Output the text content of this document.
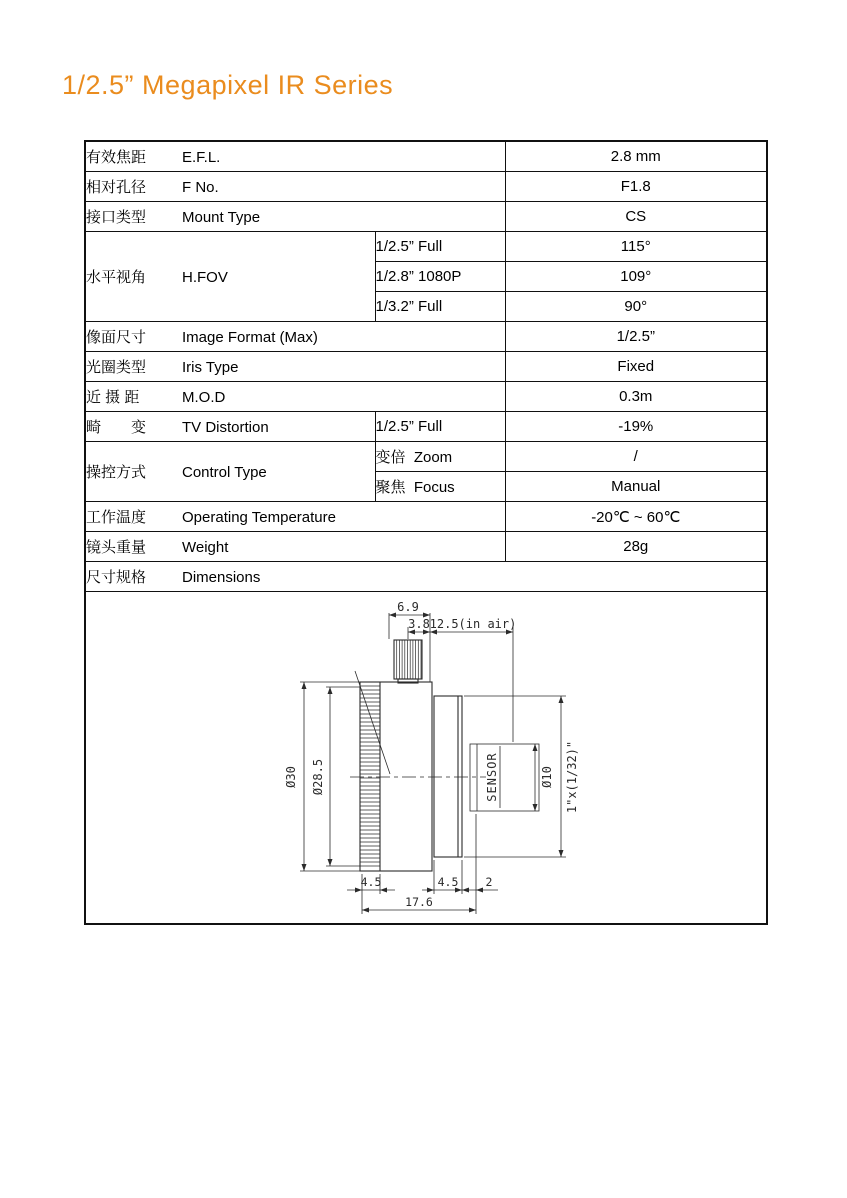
1/2.5” Megapixel IR Series
有效焦距 E.F.L.		2.8 mm
相对孔径 F No.		F1.8
接口类型 Mount Type		CS
水平视角 H.FOV	1/2.5” Full	115°
	1/2.8” 1080P	109°
	1/3.2” Full	90°
像面尺寸 Image Format (Max)		1/2.5”
光圈类型 Iris Type		Fixed
近 摄 距 M.O.D		0.3m
畸　　变 TV Distortion	1/2.5” Full	-19%
操控方式 Control Type	变倍  Zoom	/
	聚焦  Focus	Manual
工作温度 Operating Temperature		-20℃ ~ 60℃
镜头重量 Weight		28g
尺寸规格 Dimensions		

6.9
3.8 12.5(in air)
Ø30 Ø28.5	SENSOR	Ø10 1"x(1/32)"
4.5	4.5 2
17.6
